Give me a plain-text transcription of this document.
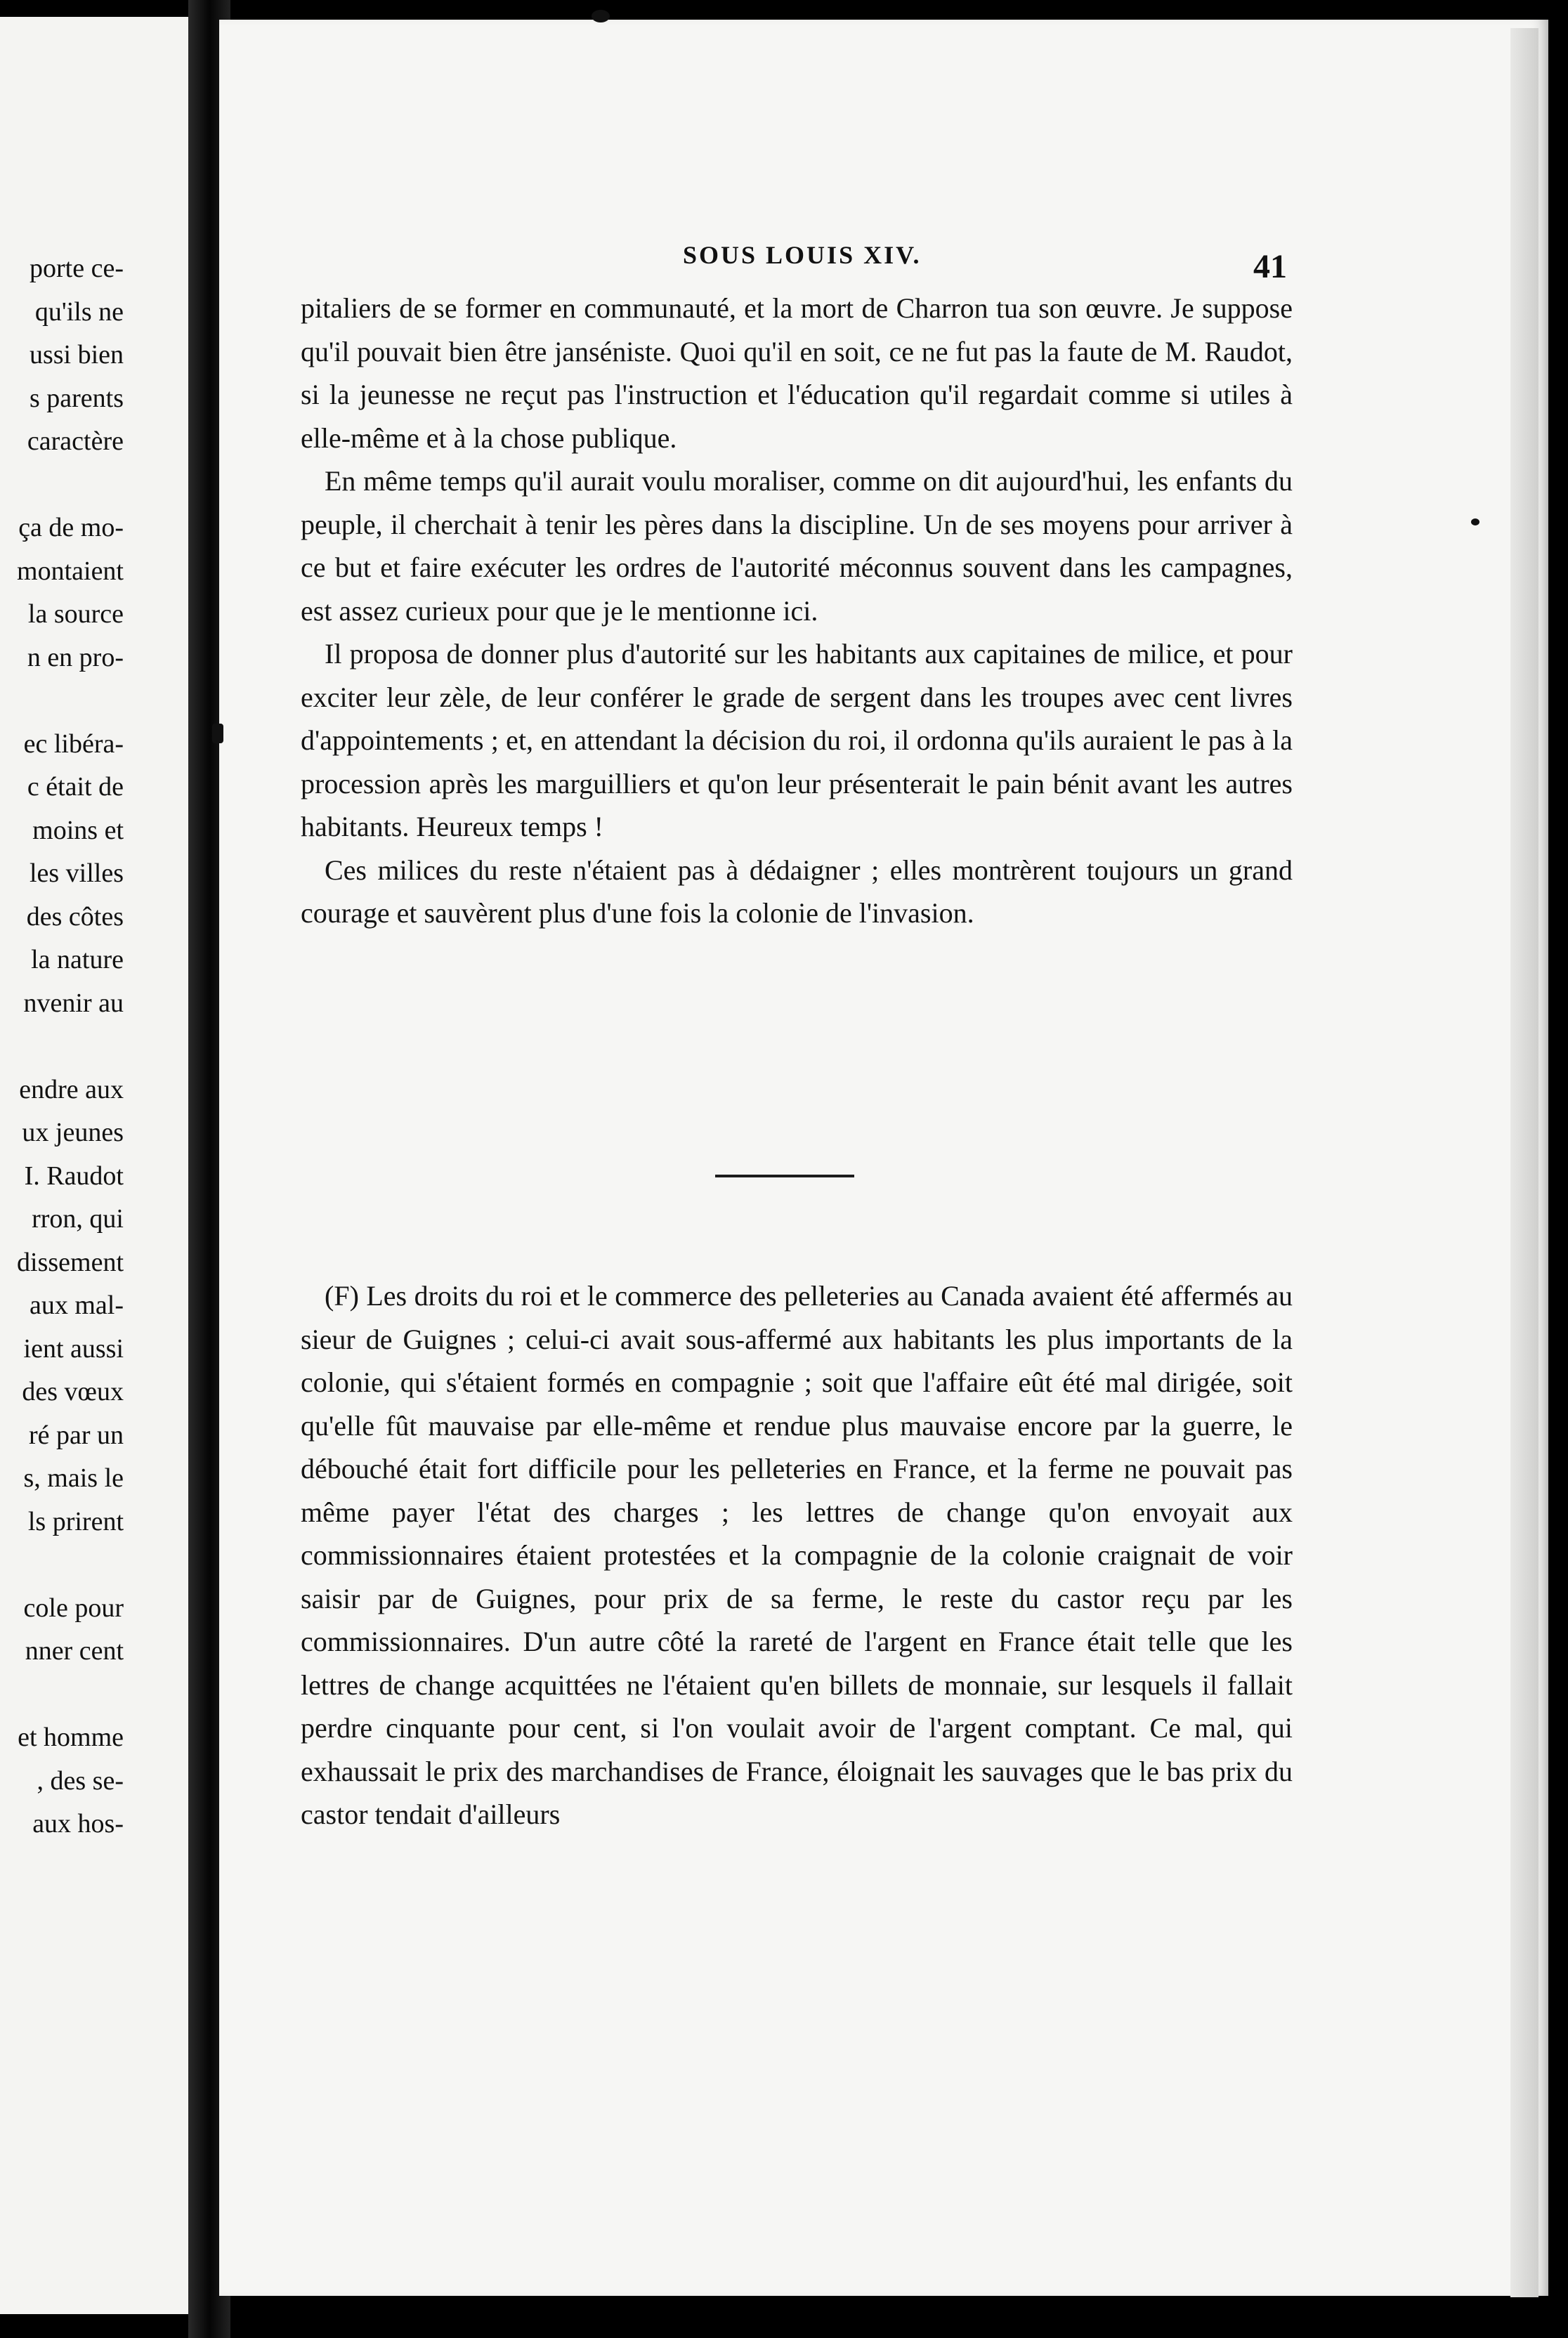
porte ce-
qu'ils ne
ussi bien
s parents
caractère
ça de mo-
montaient
la source
n en pro-
ec libéra-
c était de
moins et
les villes
des côtes
la nature
nvenir au
endre aux
ux jeunes
I. Raudot
rron, qui
dissement
aux mal-
ient aussi
des vœux
ré par un
s, mais le
ls prirent
cole pour
nner cent
et homme
, des se-
aux hos-
SOUS LOUIS XIV.	41

pitaliers de se former en communauté, et la mort de Charron tua son œuvre. Je suppose qu'il pouvait bien être janséniste. Quoi qu'il en soit, ce ne fut pas la faute de M. Raudot, si la jeunesse ne reçut pas l'instruction et l'éducation qu'il regardait comme si utiles à elle-même et à la chose publique.

En même temps qu'il aurait voulu moraliser, comme on dit aujourd'hui, les enfants du peuple, il cherchait à tenir les pères dans la discipline. Un de ses moyens pour arriver à ce but et faire exécuter les ordres de l'autorité méconnus souvent dans les campagnes, est assez curieux pour que je le mentionne ici.

Il proposa de donner plus d'autorité sur les habitants aux capitaines de milice, et pour exciter leur zèle, de leur conférer le grade de sergent dans les troupes avec cent livres d'appointements ; et, en attendant la décision du roi, il ordonna qu'ils auraient le pas à la procession après les marguilliers et qu'on leur présenterait le pain bénit avant les autres habitants. Heureux temps !

Ces milices du reste n'étaient pas à dédaigner ; elles montrèrent toujours un grand courage et sauvèrent plus d'une fois la colonie de l'invasion.

(F) Les droits du roi et le commerce des pelleteries au Canada avaient été affermés au sieur de Guignes ; celui-ci avait sous-affermé aux habitants les plus importants de la colonie, qui s'étaient formés en compagnie ; soit que l'affaire eût été mal dirigée, soit qu'elle fût mauvaise par elle-même et rendue plus mauvaise encore par la guerre, le débouché était fort difficile pour les pelleteries en France, et la ferme ne pouvait pas même payer l'état des charges ; les lettres de change qu'on envoyait aux commissionnaires étaient protestées et la compagnie de la colonie craignait de voir saisir par de Guignes, pour prix de sa ferme, le reste du castor reçu par les commissionnaires. D'un autre côté la rareté de l'argent en France était telle que les lettres de change acquittées ne l'étaient qu'en billets de monnaie, sur lesquels il fallait perdre cinquante pour cent, si l'on voulait avoir de l'argent comptant. Ce mal, qui exhaussait le prix des marchandises de France, éloignait les sauvages que le bas prix du castor tendait d'ailleurs
